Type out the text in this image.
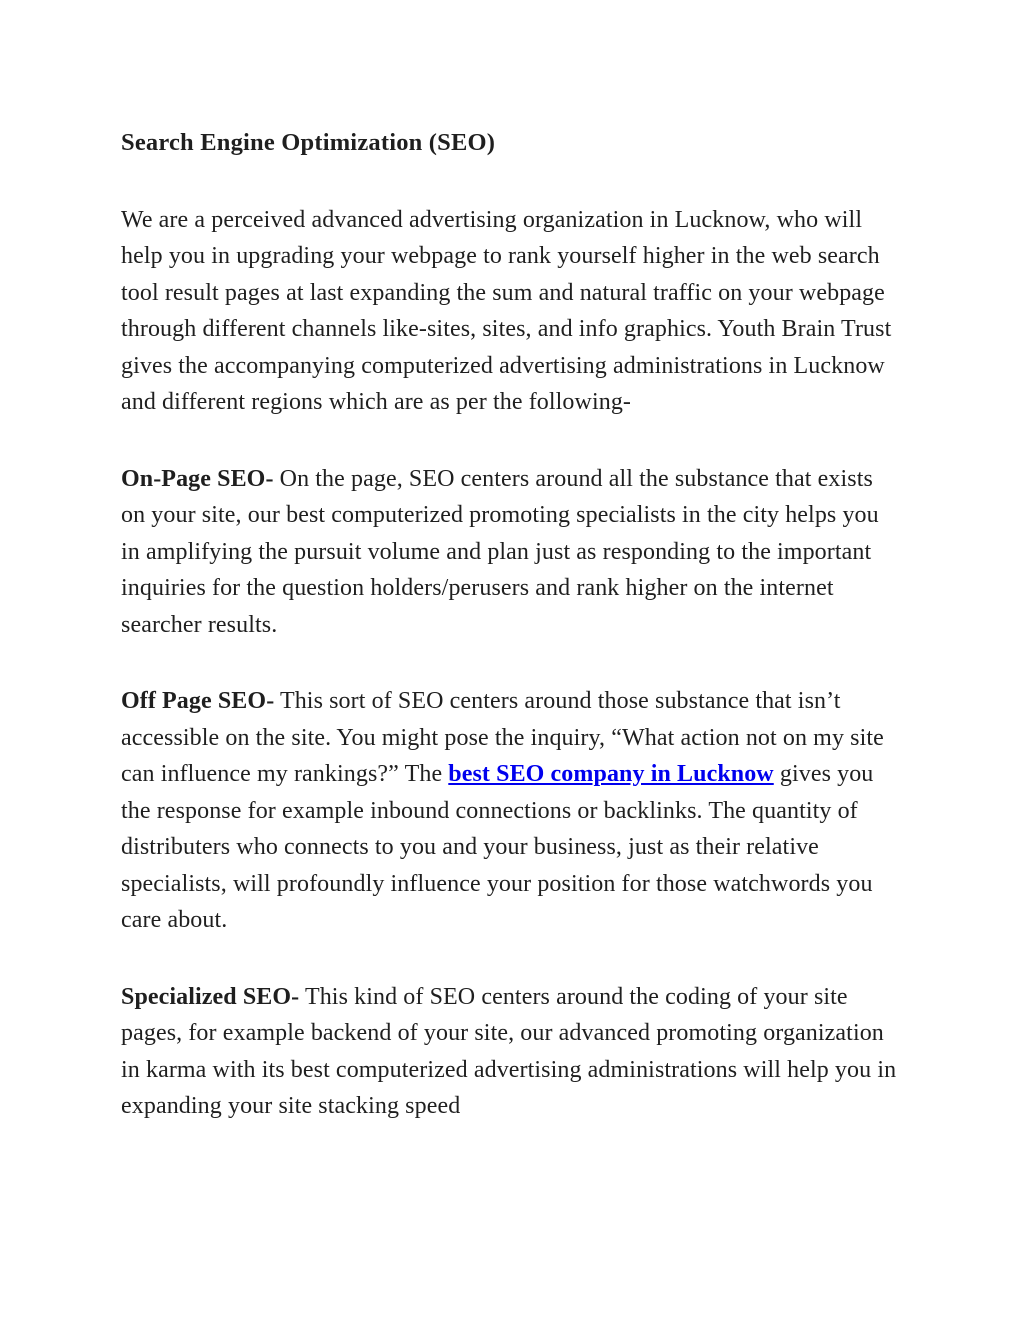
Search Engine Optimization (SEO)

We are a perceived advanced advertising organization in Lucknow, who will help you in upgrading your webpage to rank yourself higher in the web search tool result pages at last expanding the sum and natural traffic on your webpage through different channels like-sites, sites, and info graphics. Youth Brain Trust gives the accompanying computerized advertising administrations in Lucknow and different regions which are as per the following-

On-Page SEO- On the page, SEO centers around all the substance that exists on your site, our best computerized promoting specialists in the city helps you in amplifying the pursuit volume and plan just as responding to the important inquiries for the question holders/perusers and rank higher on the internet searcher results.

Off Page SEO- This sort of SEO centers around those substance that isn’t accessible on the site. You might pose the inquiry, “What action not on my site can influence my rankings?” The best SEO company in Lucknow gives you the response for example inbound connections or backlinks. The quantity of distributers who connects to you and your business, just as their relative specialists, will profoundly influence your position for those watchwords you care about.

Specialized SEO- This kind of SEO centers around the coding of your site pages, for example backend of your site, our advanced promoting organization in karma with its best computerized advertising administrations will help you in expanding your site stacking speed
